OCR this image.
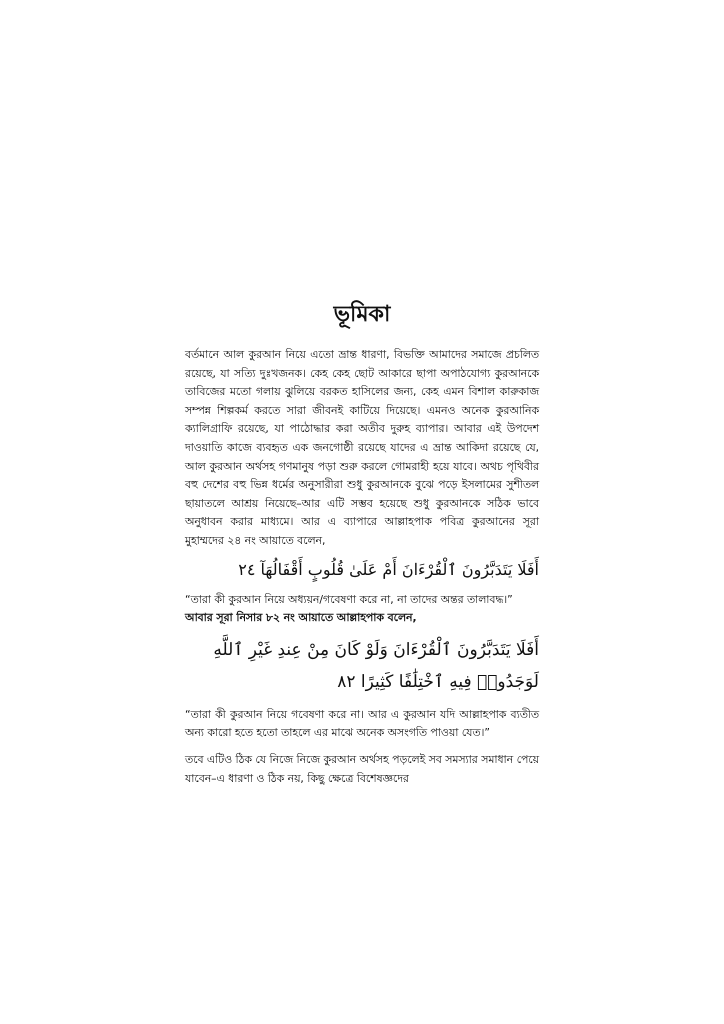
ভূমিকা

বর্তমানে আল কুরআন নিয়ে এতো ভ্রান্ত ধারণা, বিভক্তি আমাদের সমাজে প্রচলিত রয়েছে, যা সত্যি দুঃখজনক। কেহ কেহ ছোট আকারে ছাপা অপাঠযোগ্য কুরআনকে তাবিজের মতো গলায় ঝুলিয়ে বরকত হাসিলের জন্য, কেহ এমন বিশাল কারুকাজ সম্পন্ন শিল্পকর্ম করতে সারা জীবনই কাটিয়ে দিয়েছে। এমনও অনেক কুরআনিক ক্যালিগ্রাফি রয়েছে, যা পাঠোদ্ধার করা অতীব দুরুহ ব্যাপার। আবার এই উপদেশ দাওয়াতি কাজে ব্যবহৃত এক জনগোষ্ঠী রয়েছে যাদের এ ভ্রান্ত আকিদা রয়েছে যে, আল কুরআন অর্থসহ গণমানুষ পড়া শুরু করলে গোমরাহী হয়ে যাবে। অথচ পৃথিবীর বহু দেশের বহু ভিন্ন ধর্মের অনুসারীরা শুধু কুরআনকে বুঝে পড়ে ইসলামের সুশীতল ছায়াতলে আশ্রয় নিয়েছে–আর এটি সম্ভব হয়েছে শুধু কুরআনকে সঠিক ভাবে অনুধাবন করার মাধ্যমে। আর এ ব্যাপারে আল্লাহপাক পবিত্র কুরআনের সূরা মুহাম্মদের ২৪ নং আয়াতে বলেন,

أَفَلَا يَتَدَبَّرُونَ ٱلْقُرْءَانَ أَمْ عَلَىٰ قُلُوبٍ أَقْفَالُهَآ ٢٤

“তারা কী কুরআন নিয়ে অধ্যয়ন/গবেষণা করে না, না তাদের অন্তর তালাবদ্ধ।”

আবার সূরা নিসার ৮২ নং আয়াতে আল্লাহপাক বলেন,

أَفَلَا يَتَدَبَّرُونَ ٱلْقُرْءَانَ وَلَوْ كَانَ مِنْ عِندِ غَيْرِ ٱللَّهِ لَوَجَدُوا۟ فِيهِ ٱخْتِلَٰفًا كَثِيرًا ٨٢

“তারা কী কুরআন নিয়ে গবেষণা করে না। আর এ কুরআন যদি আল্লাহপাক ব্যতীত অন্য কারো হতে হতো তাহলে এর মাঝে অনেক অসংগতি পাওয়া যেত।”

তবে এটিও ঠিক যে নিজে নিজে কুরআন অর্থসহ পড়লেই সব সমস্যার সমাধান পেয়ে যাবেন–এ ধারণা ও ঠিক নয়, কিছু ক্ষেত্রে বিশেষজ্ঞদের
